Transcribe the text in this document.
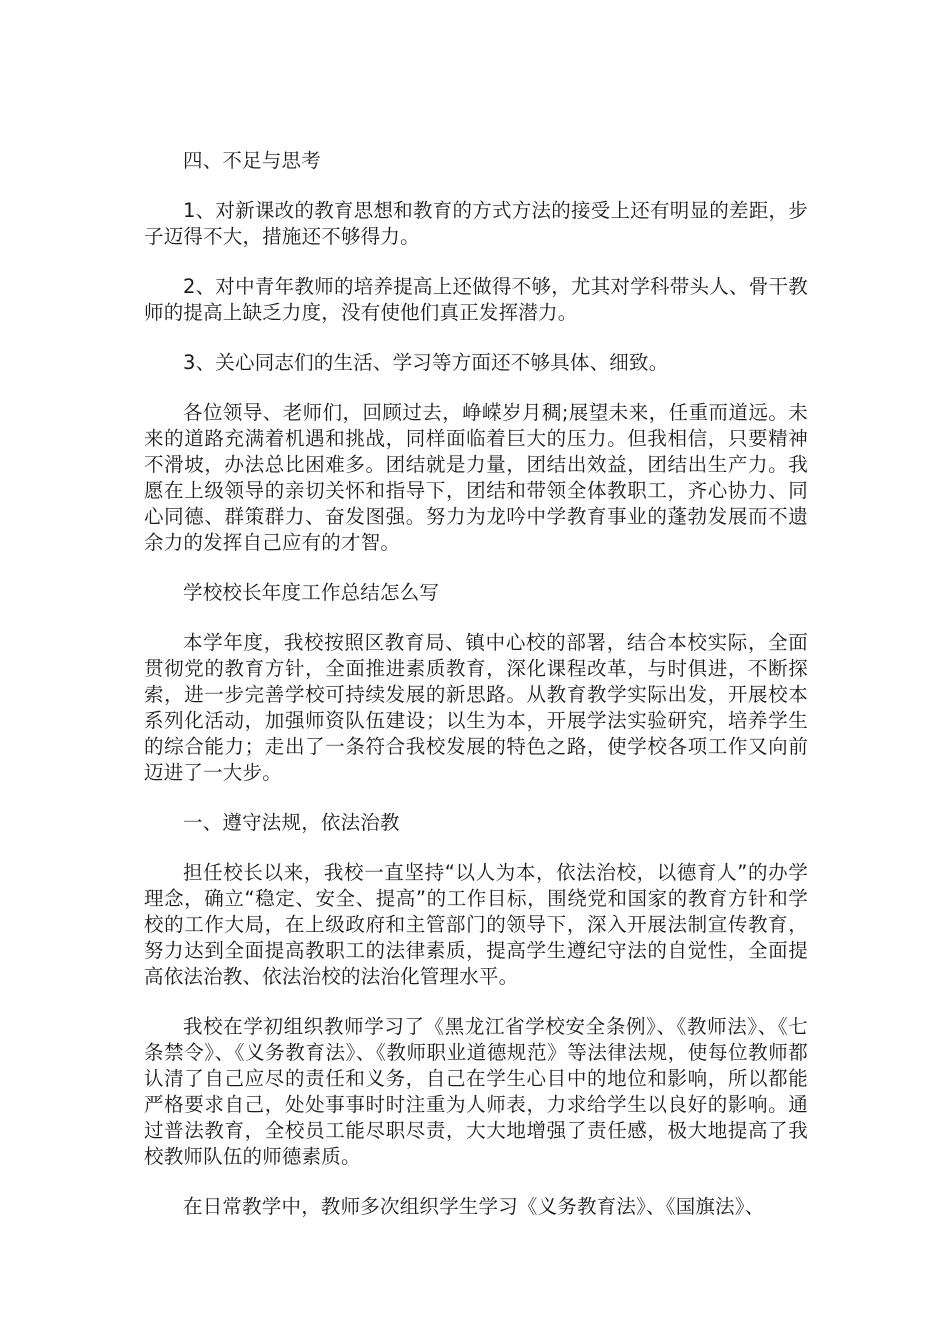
四、不足与思考

1、对新课改的教育思想和教育的方式方法的接受上还有明显的差距，步子迈得不大，措施还不够得力。

2、对中青年教师的培养提高上还做得不够，尤其对学科带头人、骨干教师的提高上缺乏力度，没有使他们真正发挥潜力。

3、关心同志们的生活、学习等方面还不够具体、细致。

各位领导、老师们，回顾过去，峥嵘岁月稠;展望未来，任重而道远。未来的道路充满着机遇和挑战，同样面临着巨大的压力。但我相信，只要精神不滑坡，办法总比困难多。团结就是力量，团结出效益，团结出生产力。我愿在上级领导的亲切关怀和指导下，团结和带领全体教职工，齐心协力、同心同德、群策群力、奋发图强。努力为龙吟中学教育事业的蓬勃发展而不遗余力的发挥自己应有的才智。

学校校长年度工作总结怎么写

本学年度，我校按照区教育局、镇中心校的部署，结合本校实际，全面贯彻党的教育方针，全面推进素质教育，深化课程改革，与时俱进，不断探索，进一步完善学校可持续发展的新思路。从教育教学实际出发，开展校本系列化活动，加强师资队伍建设；以生为本，开展学法实验研究，培养学生的综合能力；走出了一条符合我校发展的特色之路，使学校各项工作又向前迈进了一大步。

一、遵守法规，依法治教

担任校长以来，我校一直坚持“以人为本，依法治校，以德育人”的办学理念，确立“稳定、安全、提高”的工作目标，围绕党和国家的教育方针和学校的工作大局，在上级政府和主管部门的领导下，深入开展法制宣传教育，努力达到全面提高教职工的法律素质，提高学生遵纪守法的自觉性，全面提高依法治教、依法治校的法治化管理水平。

我校在学初组织教师学习了《黑龙江省学校安全条例》、《教师法》、《七条禁令》、《义务教育法》、《教师职业道德规范》等法律法规，使每位教师都认清了自己应尽的责任和义务，自己在学生心目中的地位和影响，所以都能严格要求自己，处处事事时时注重为人师表，力求给学生以良好的影响。通过普法教育，全校员工能尽职尽责，大大地增强了责任感，极大地提高了我校教师队伍的师德素质。

在日常教学中，教师多次组织学生学习《义务教育法》、《国旗法》、
